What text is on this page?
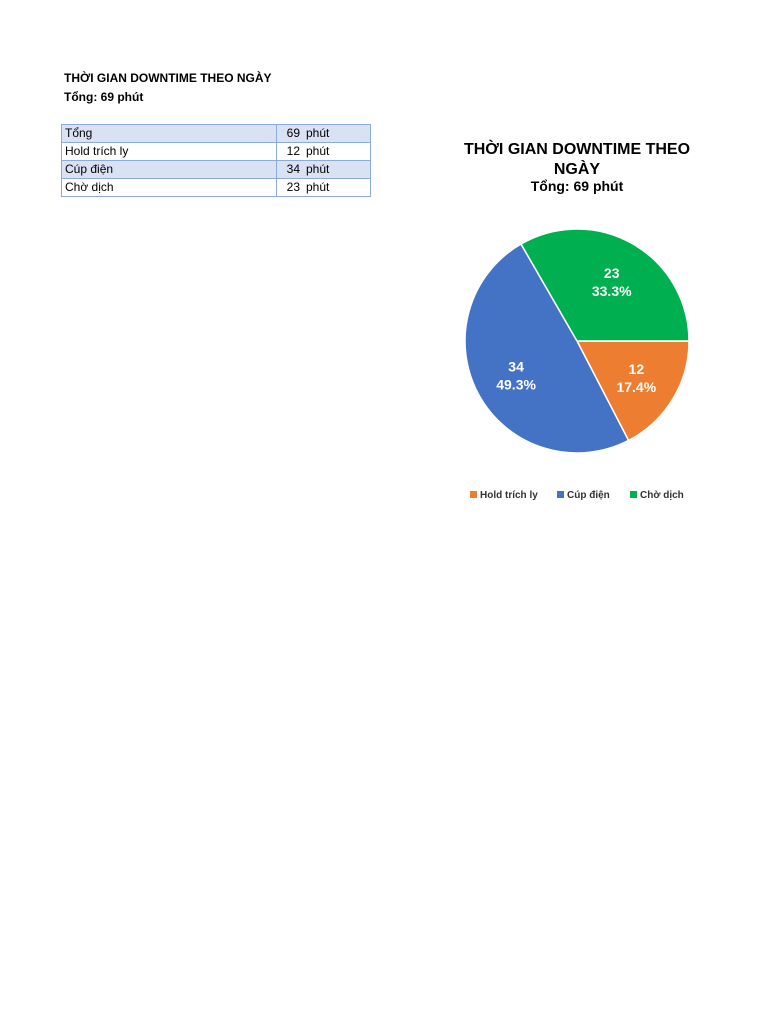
THỜI GIAN DOWNTIME THEO NGÀY
Tổng: 69 phút
Tổng	69	phút
Hold trích ly	12	phút
Cúp điện	34	phút
Chờ dịch	23	phút
THỜI GIAN DOWNTIME THEO
NGÀY
Tổng: 69 phút
12
17.4%
34
49.3%
23
33.3%
Hold trích ly	Cúp điện	Chờ dịch
